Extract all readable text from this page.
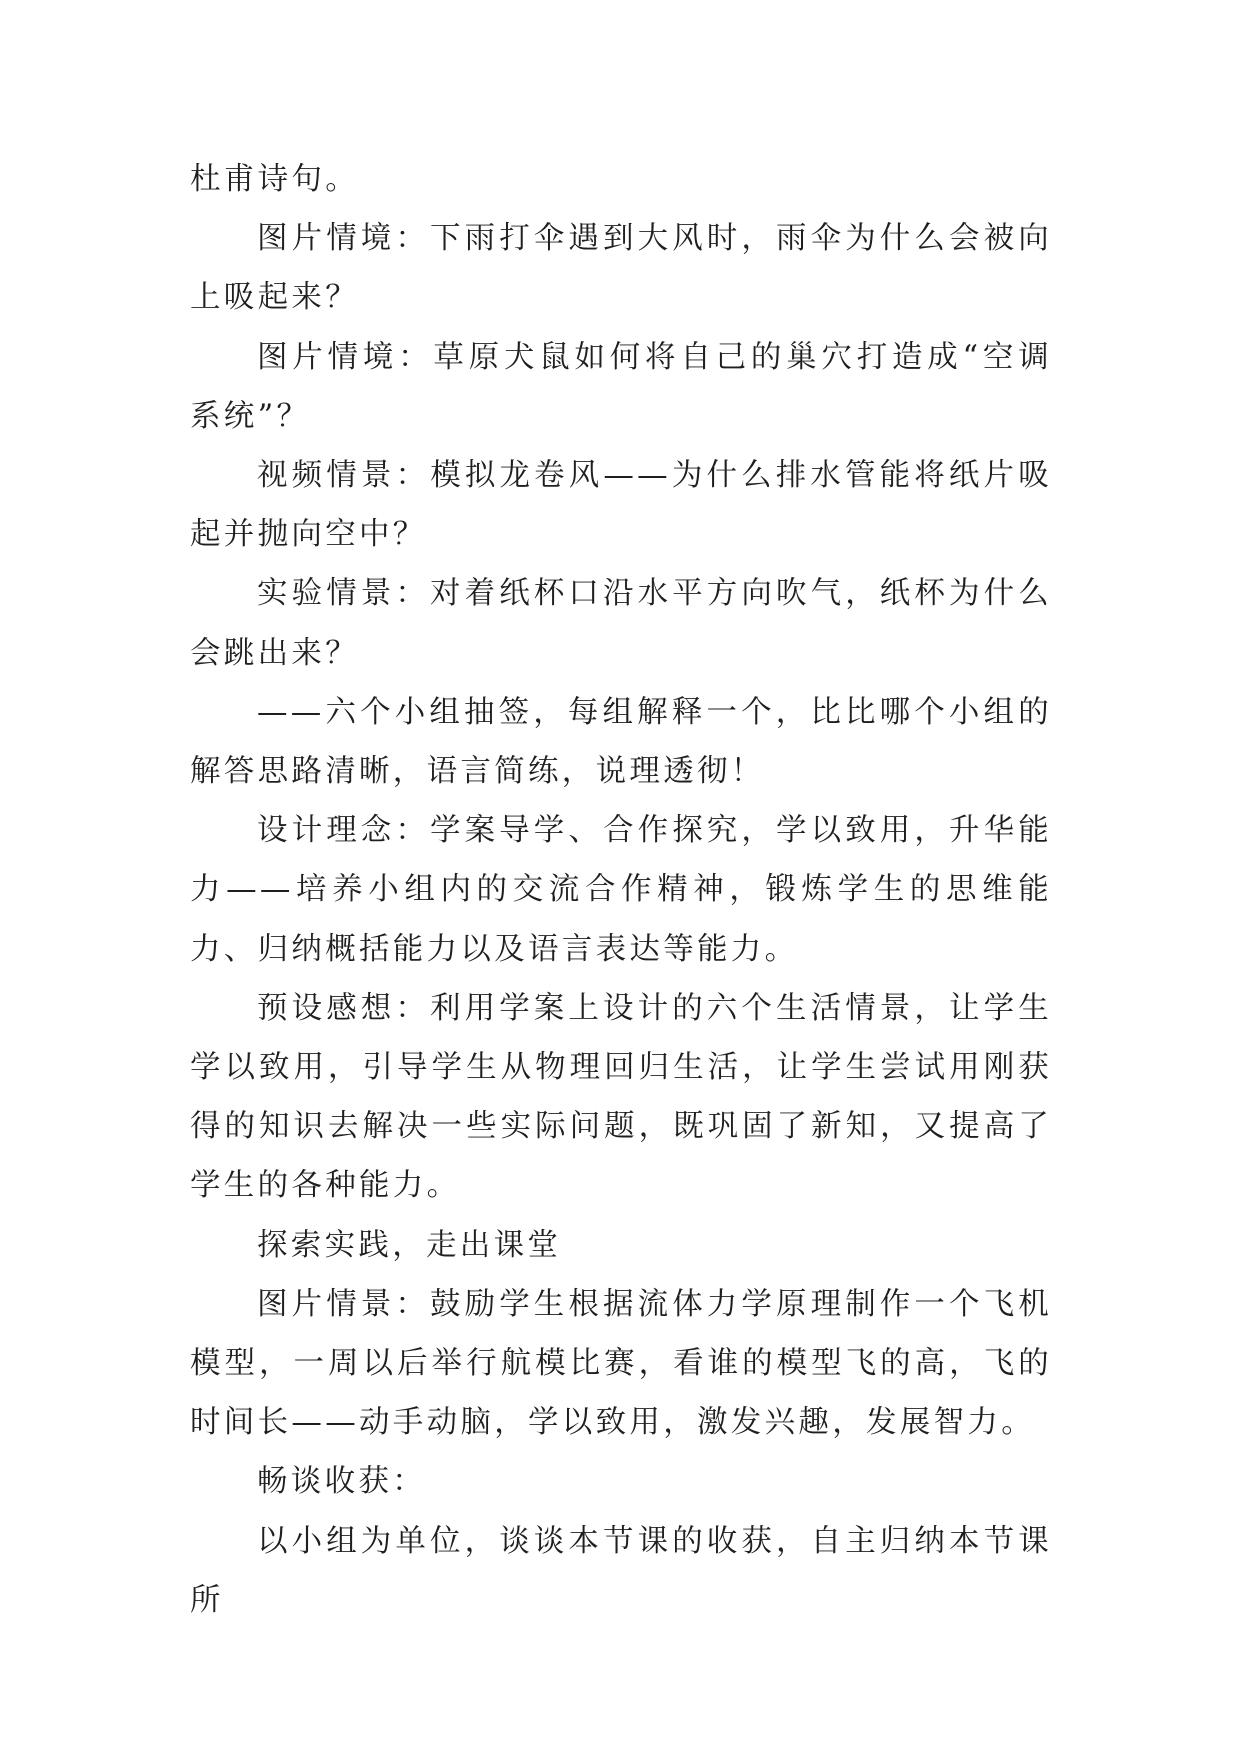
杜甫诗句。

图片情境：下雨打伞遇到大风时，雨伞为什么会被向上吸起来？

图片情境：草原犬鼠如何将自己的巢穴打造成“空调系统”？

视频情景：模拟龙卷风——为什么排水管能将纸片吸起并抛向空中？

实验情景：对着纸杯口沿水平方向吹气，纸杯为什么会跳出来？

——六个小组抽签，每组解释一个，比比哪个小组的解答思路清晰，语言简练，说理透彻！

设计理念：学案导学、合作探究，学以致用，升华能力——培养小组内的交流合作精神，锻炼学生的思维能力、归纳概括能力以及语言表达等能力。

预设感想：利用学案上设计的六个生活情景，让学生学以致用，引导学生从物理回归生活，让学生尝试用刚获得的知识去解决一些实际问题，既巩固了新知，又提高了学生的各种能力。

探索实践，走出课堂

图片情景：鼓励学生根据流体力学原理制作一个飞机模型，一周以后举行航模比赛，看谁的模型飞的高，飞的时间长——动手动脑，学以致用，激发兴趣，发展智力。

畅谈收获：

以小组为单位，谈谈本节课的收获，自主归纳本节课所
